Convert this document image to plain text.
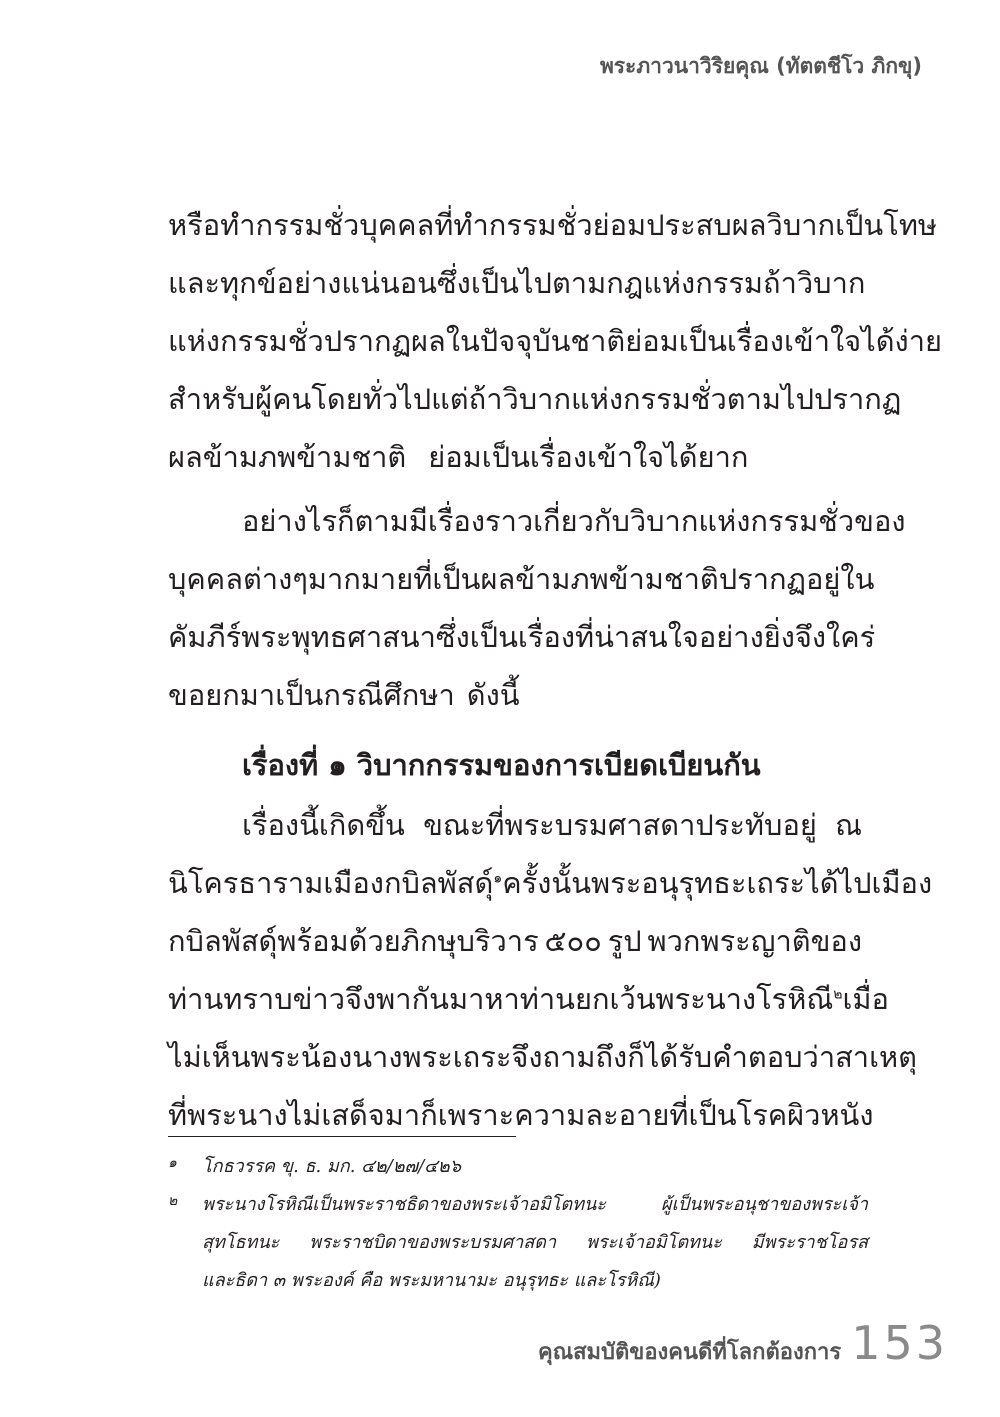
พระภาวนาวิริยคุณ (ทัตตชีโว ภิกขุ)
หรือทำกรรมชั่ว บุคคลที่ทำกรรมชั่วย่อมประสบผลวิบากเป็นโทษ
และทุกข์อย่างแน่นอน ซึ่งเป็นไปตามกฎแห่งกรรม ถ้าวิบาก
แห่งกรรมชั่วปรากฏผลในปัจจุบันชาติ ย่อมเป็นเรื่องเข้าใจได้ง่าย
สำหรับผู้คนโดยทั่วไป แต่ถ้าวิบากแห่งกรรมชั่วตามไปปรากฏ
ผลข้ามภพข้ามชาติ ย่อมเป็นเรื่องเข้าใจได้ยาก
อย่างไรก็ตาม มีเรื่องราวเกี่ยวกับวิบากแห่งกรรมชั่วของ
บุคคลต่างๆ มากมาย ที่เป็นผลข้ามภพข้ามชาติปรากฏอยู่ใน
คัมภีร์พระพุทธศาสนา ซึ่งเป็นเรื่องที่น่าสนใจอย่างยิ่ง จึงใคร่
ขอยกมาเป็นกรณีศึกษา ดังนี้
เรื่องที่ ๑ วิบากกรรมของการเบียดเบียนกัน
เรื่องนี้เกิดขึ้น ขณะที่พระบรมศาสดาประทับอยู่ ณ
นิโครธาราม เมืองกบิลพัสดุ์$^๑$ ครั้งนั้นพระอนุรุทธะเถระได้ไปเมือง
กบิลพัสดุ์พร้อมด้วยภิกษุบริวาร ๕๐๐ รูป พวกพระญาติของ
ท่านทราบข่าว จึงพากันมาหาท่าน ยกเว้นพระนางโรหิณี$^๒$ เมื่อ
ไม่เห็นพระน้องนาง พระเถระจึงถามถึง ก็ได้รับคำตอบว่า สาเหตุ
ที่พระนางไม่เสด็จมา ก็เพราะความละอายที่เป็นโรคผิวหนัง
๑ โกธวรรค ขุ. ธ. มก. ๔๒/๒๗/๔๒๖
๒ พระนางโรหิณีเป็นพระราชธิดาของพระเจ้าอมิโตทนะ	ผู้เป็นพระอนุชาของพระเจ้า
สุทโธทนะ พระราชบิดาของพระบรมศาสดา พระเจ้าอมิโตทนะ มีพระราชโอรส
และธิดา ๓ พระองค์ คือ พระมหานามะ อนุรุทธะ และโรหิณี)
คุณสมบัติของคนดีที่โลกต้องการ 153
